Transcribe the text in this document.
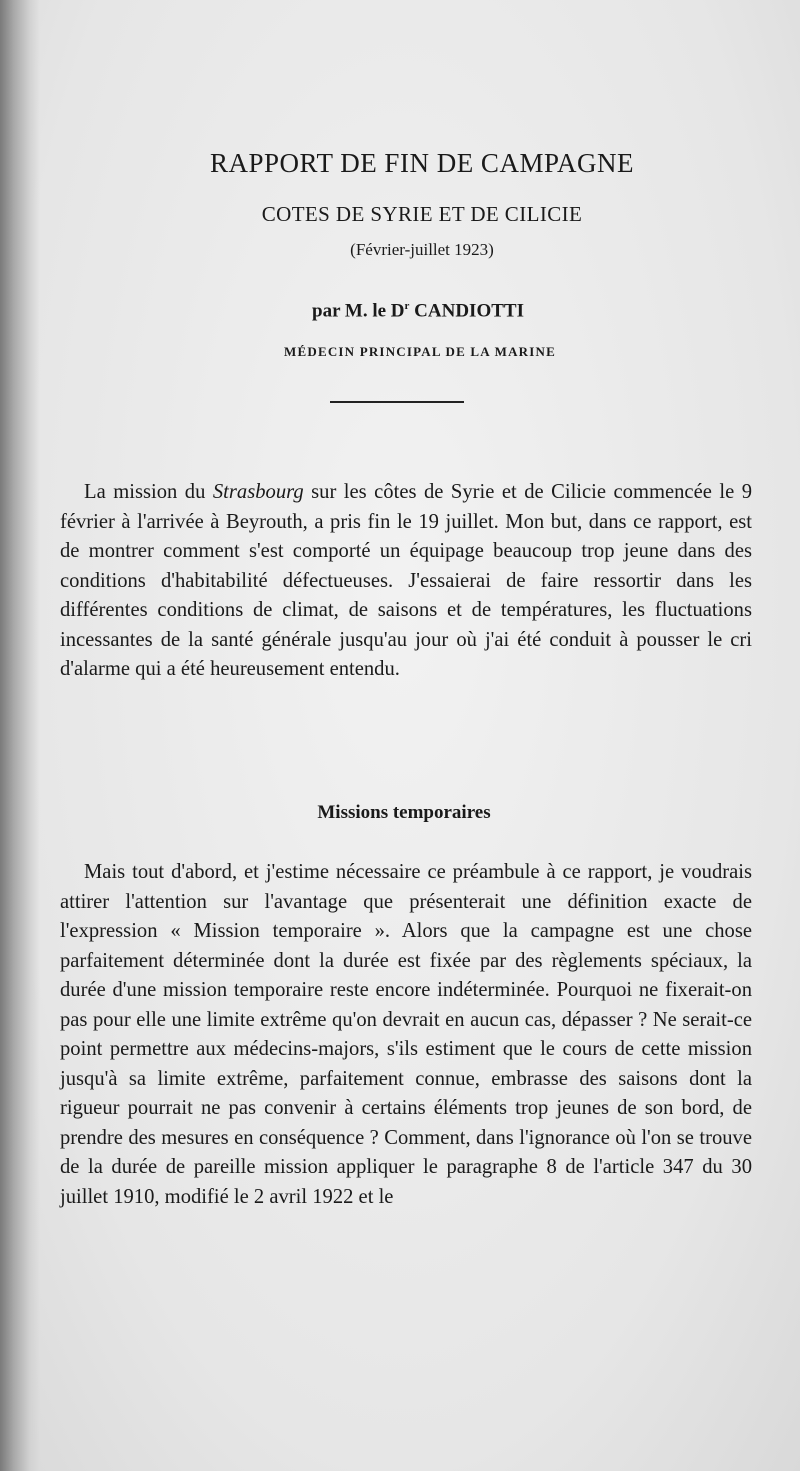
RAPPORT DE FIN DE CAMPAGNE
COTES DE SYRIE ET DE CILICIE
(Février-juillet 1923)
par M. le $D^r$ CANDIOTTI
MÉDECIN PRINCIPAL DE LA MARINE
La mission du Strasbourg sur les côtes de Syrie et de Cilicie commencée le 9 février à l'arrivée à Beyrouth, a pris fin le 19 juillet. Mon but, dans ce rapport, est de montrer comment s'est comporté un équipage beaucoup trop jeune dans des conditions d'habitabilité défectueuses. J'essaierai de faire ressortir dans les différentes conditions de climat, de saisons et de températures, les fluctuations incessantes de la santé générale jusqu'au jour où j'ai été conduit à pousser le cri d'alarme qui a été heureusement entendu.
Missions temporaires
Mais tout d'abord, et j'estime nécessaire ce préambule à ce rapport, je voudrais attirer l'attention sur l'avantage que présenterait une définition exacte de l'expression « Mission temporaire ». Alors que la campagne est une chose parfaitement déterminée dont la durée est fixée par des règlements spéciaux, la durée d'une mission temporaire reste encore indéterminée. Pourquoi ne fixerait-on pas pour elle une limite extrême qu'on devrait en aucun cas, dépasser ? Ne serait-ce point permettre aux médecins-majors, s'ils estiment que le cours de cette mission jusqu'à sa limite extrême, parfaitement connue, embrasse des saisons dont la rigueur pourrait ne pas convenir à certains éléments trop jeunes de son bord, de prendre des mesures en conséquence ? Comment, dans l'ignorance où l'on se trouve de la durée de pareille mission appliquer le paragraphe 8 de l'article 347 du 30 juillet 1910, modifié le 2 avril 1922 et le
